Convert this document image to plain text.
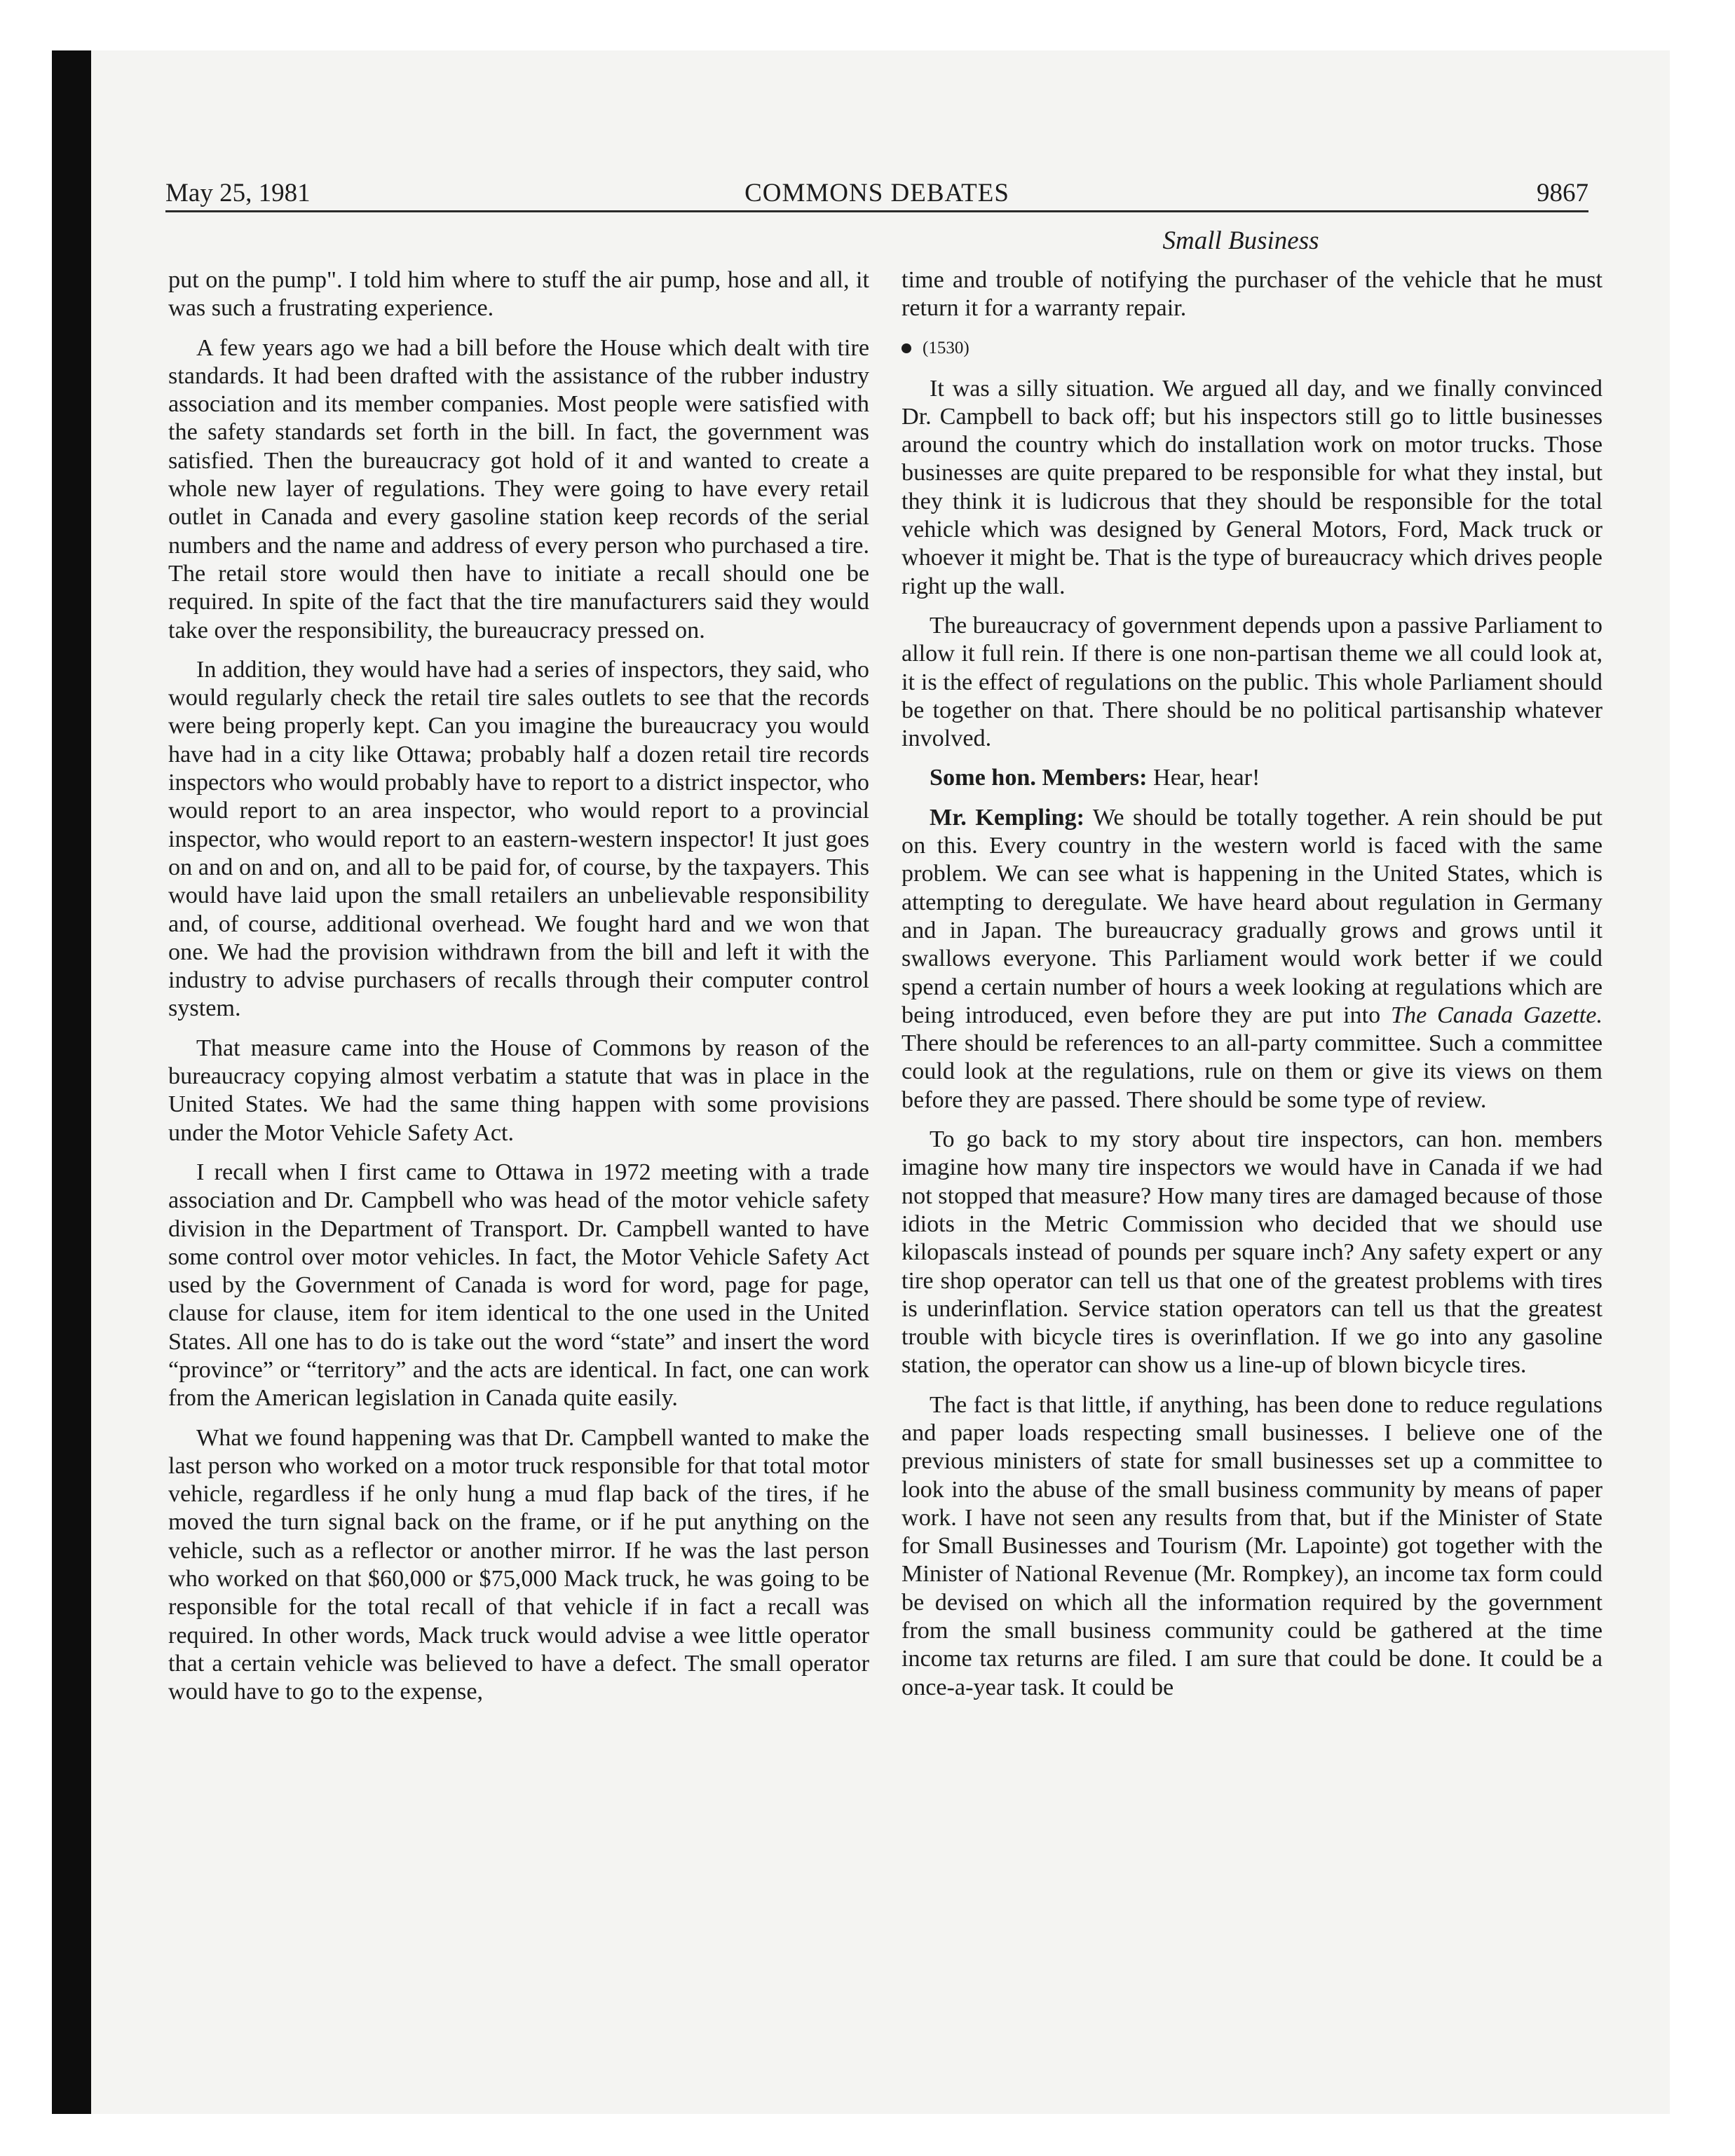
May 25, 1981	COMMONS DEBATES	9867
Small Business

put on the pump". I told him where to stuff the air pump, hose and all, it was such a frustrating experience.

A few years ago we had a bill before the House which dealt with tire standards. It had been drafted with the assistance of the rubber industry association and its member companies. Most people were satisfied with the safety standards set forth in the bill. In fact, the government was satisfied. Then the bureaucracy got hold of it and wanted to create a whole new layer of regulations. They were going to have every retail outlet in Canada and every gasoline station keep records of the serial numbers and the name and address of every person who purchased a tire. The retail store would then have to initiate a recall should one be required. In spite of the fact that the tire manufacturers said they would take over the responsibility, the bureaucracy pressed on.

In addition, they would have had a series of inspectors, they said, who would regularly check the retail tire sales outlets to see that the records were being properly kept. Can you imagine the bureaucracy you would have had in a city like Ottawa; probably half a dozen retail tire records inspectors who would probably have to report to a district inspector, who would report to an area inspector, who would report to a provincial inspector, who would report to an eastern-western inspector! It just goes on and on and on, and all to be paid for, of course, by the taxpayers. This would have laid upon the small retailers an unbelievable responsibility and, of course, additional overhead. We fought hard and we won that one. We had the provision withdrawn from the bill and left it with the industry to advise purchasers of recalls through their computer control system.

That measure came into the House of Commons by reason of the bureaucracy copying almost verbatim a statute that was in place in the United States. We had the same thing happen with some provisions under the Motor Vehicle Safety Act.

I recall when I first came to Ottawa in 1972 meeting with a trade association and Dr. Campbell who was head of the motor vehicle safety division in the Department of Transport. Dr. Campbell wanted to have some control over motor vehicles. In fact, the Motor Vehicle Safety Act used by the Government of Canada is word for word, page for page, clause for clause, item for item identical to the one used in the United States. All one has to do is take out the word “state” and insert the word “province” or “territory” and the acts are identical. In fact, one can work from the American legislation in Canada quite easily.

What we found happening was that Dr. Campbell wanted to make the last person who worked on a motor truck responsible for that total motor vehicle, regardless if he only hung a mud flap back of the tires, if he moved the turn signal back on the frame, or if he put anything on the vehicle, such as a reflector or another mirror. If he was the last person who worked on that $60,000 or $75,000 Mack truck, he was going to be responsible for the total recall of that vehicle if in fact a recall was required. In other words, Mack truck would advise a wee little operator that a certain vehicle was believed to have a defect. The small operator would have to go to the expense,

time and trouble of notifying the purchaser of the vehicle that he must return it for a warranty repair.

(1530)

It was a silly situation. We argued all day, and we finally convinced Dr. Campbell to back off; but his inspectors still go to little businesses around the country which do installation work on motor trucks. Those businesses are quite prepared to be responsible for what they instal, but they think it is ludicrous that they should be responsible for the total vehicle which was designed by General Motors, Ford, Mack truck or whoever it might be. That is the type of bureaucracy which drives people right up the wall.

The bureaucracy of government depends upon a passive Parliament to allow it full rein. If there is one non-partisan theme we all could look at, it is the effect of regulations on the public. This whole Parliament should be together on that. There should be no political partisanship whatever involved.

Some hon. Members: Hear, hear!

Mr. Kempling: We should be totally together. A rein should be put on this. Every country in the western world is faced with the same problem. We can see what is happening in the United States, which is attempting to deregulate. We have heard about regulation in Germany and in Japan. The bureaucracy gradually grows and grows until it swallows everyone. This Parliament would work better if we could spend a certain number of hours a week looking at regulations which are being introduced, even before they are put into The Canada Gazette. There should be references to an all-party committee. Such a committee could look at the regulations, rule on them or give its views on them before they are passed. There should be some type of review.

To go back to my story about tire inspectors, can hon. members imagine how many tire inspectors we would have in Canada if we had not stopped that measure? How many tires are damaged because of those idiots in the Metric Commission who decided that we should use kilopascals instead of pounds per square inch? Any safety expert or any tire shop operator can tell us that one of the greatest problems with tires is underinflation. Service station operators can tell us that the greatest trouble with bicycle tires is overinflation. If we go into any gasoline station, the operator can show us a line-up of blown bicycle tires.

The fact is that little, if anything, has been done to reduce regulations and paper loads respecting small businesses. I believe one of the previous ministers of state for small businesses set up a committee to look into the abuse of the small business community by means of paper work. I have not seen any results from that, but if the Minister of State for Small Businesses and Tourism (Mr. Lapointe) got together with the Minister of National Revenue (Mr. Rompkey), an income tax form could be devised on which all the information required by the government from the small business community could be gathered at the time income tax returns are filed. I am sure that could be done. It could be a once-a-year task. It could be
